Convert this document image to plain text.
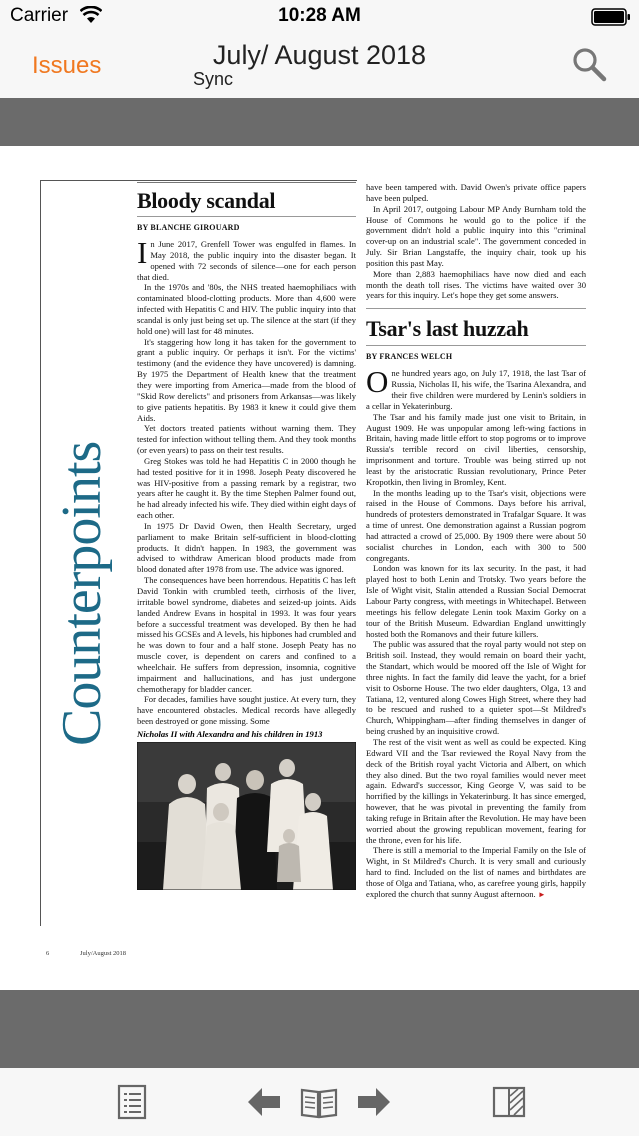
Carrier	10:28 AM
Issues	July/ August 2018
Sync
Counterpoints
Bloody scandal
BY BLANCHE GIROUARD

In June 2017, Grenfell Tower was engulfed in flames. In May 2018, the public inquiry into the disaster began. It opened with 72 seconds of silence—one for each person that died.

In the 1970s and '80s, the NHS treated haemophiliacs with contaminated blood-clotting products. More than 4,600 were infected with Hepatitis C and HIV. The public inquiry into that scandal is only just being set up. The silence at the start (if they hold one) will last for 48 minutes.

It's staggering how long it has taken for the government to grant a public inquiry. Or perhaps it isn't. For the victims' testimony (and the evidence they have uncovered) is damning. By 1975 the Department of Health knew that the treatment they were importing from America—made from the blood of "Skid Row derelicts" and prisoners from Arkansas—was likely to give patients hepatitis. By 1983 it knew it could give them Aids.

Yet doctors treated patients without warning them. They tested for infection without telling them. And they took months (or even years) to pass on their test results.

Greg Stokes was told he had Hepatitis C in 2000 though he had tested positive for it in 1998. Joseph Peaty discovered he was HIV-positive from a passing remark by a registrar, two years after he caught it. By the time Stephen Palmer found out, he had already infected his wife. They died within eight days of each other.

In 1975 Dr David Owen, then Health Secretary, urged parliament to make Britain self-sufficient in blood-clotting products. It didn't happen. In 1983, the government was advised to withdraw American blood products made from blood donated after 1978 from use. The advice was ignored.

The consequences have been horrendous. Hepatitis C has left David Tonkin with crumbled teeth, cirrhosis of the liver, irritable bowel syndrome, diabetes and seized-up joints. Aids landed Andrew Evans in hospital in 1993. It was four years before a successful treatment was developed. By then he had missed his GCSEs and A levels, his hipbones had crumbled and he was down to four and a half stone. Joseph Peaty has no muscle cover, is dependent on carers and confined to a wheelchair. He suffers from depression, insomnia, cognitive impairment and hallucinations, and has just undergone chemotherapy for bladder cancer.

For decades, families have sought justice. At every turn, they have encountered obstacles. Medical records have allegedly been destroyed or gone missing. Some

Nicholas II with Alexandra and his children in 1913

have been tampered with. David Owen's private office papers have been pulped.

In April 2017, outgoing Labour MP Andy Burnham told the House of Commons he would go to the police if the government didn't hold a public inquiry into this "criminal cover-up on an industrial scale". The government conceded in July. Sir Brian Langstaffe, the inquiry chair, took up his position this past May.

More than 2,883 haemophiliacs have now died and each month the death toll rises. The victims have waited over 30 years for this inquiry. Let's hope they get some answers.

Tsar's last huzzah
BY FRANCES WELCH

One hundred years ago, on July 17, 1918, the last Tsar of Russia, Nicholas II, his wife, the Tsarina Alexandra, and their five children were murdered by Lenin's soldiers in a cellar in Yekaterinburg.

The Tsar and his family made just one visit to Britain, in August 1909. He was unpopular among left-wing factions in Britain, having made little effort to stop pogroms or to improve Russia's terrible record on civil liberties, censorship, imprisonment and torture. Trouble was being stirred up not least by the aristocratic Russian revolutionary, Prince Peter Kropotkin, then living in Bromley, Kent.

In the months leading up to the Tsar's visit, objections were raised in the House of Commons. Days before his arrival, hundreds of protesters demonstrated in Trafalgar Square. It was a time of unrest. One demonstration against a Russian pogrom had attracted a crowd of 25,000. By 1909 there were about 50 socialist churches in London, each with 300 to 500 congregants.

London was known for its lax security. In the past, it had played host to both Lenin and Trotsky. Two years before the Isle of Wight visit, Stalin attended a Russian Social Democrat Labour Party congress, with meetings in Whitechapel. Between meetings his fellow delegate Lenin took Maxim Gorky on a tour of the British Museum. Edwardian England unwittingly hosted both the Romanovs and their future killers.

The public was assured that the royal party would not step on British soil. Instead, they would remain on board their yacht, the Standart, which would be moored off the Isle of Wight for three nights. In fact the family did leave the yacht, for a brief visit to Osborne House. The two elder daughters, Olga, 13 and Tatiana, 12, ventured along Cowes High Street, where they had to be rescued and rushed to a quieter spot—St Mildred's Church, Whippingham—after finding themselves in danger of being crushed by an inquisitive crowd.

The rest of the visit went as well as could be expected. King Edward VII and the Tsar reviewed the Royal Navy from the deck of the British royal yacht Victoria and Albert, on which they also dined. But the two royal families would never meet again. Edward's successor, King George V, was said to be horrified by the killings in Yekaterinburg. It has since emerged, however, that he was pivotal in preventing the family from taking refuge in Britain after the Revolution. He may have been worried about the growing republican movement, fearing for the throne, even for his life.

There is still a memorial to the Imperial Family on the Isle of Wight, in St Mildred's Church. It is very small and curiously hard to find. Included on the list of names and birthdates are those of Olga and Tatiana, who, as carefree young girls, happily explored the church that sunny August afternoon. ►

6	July/August 2018
